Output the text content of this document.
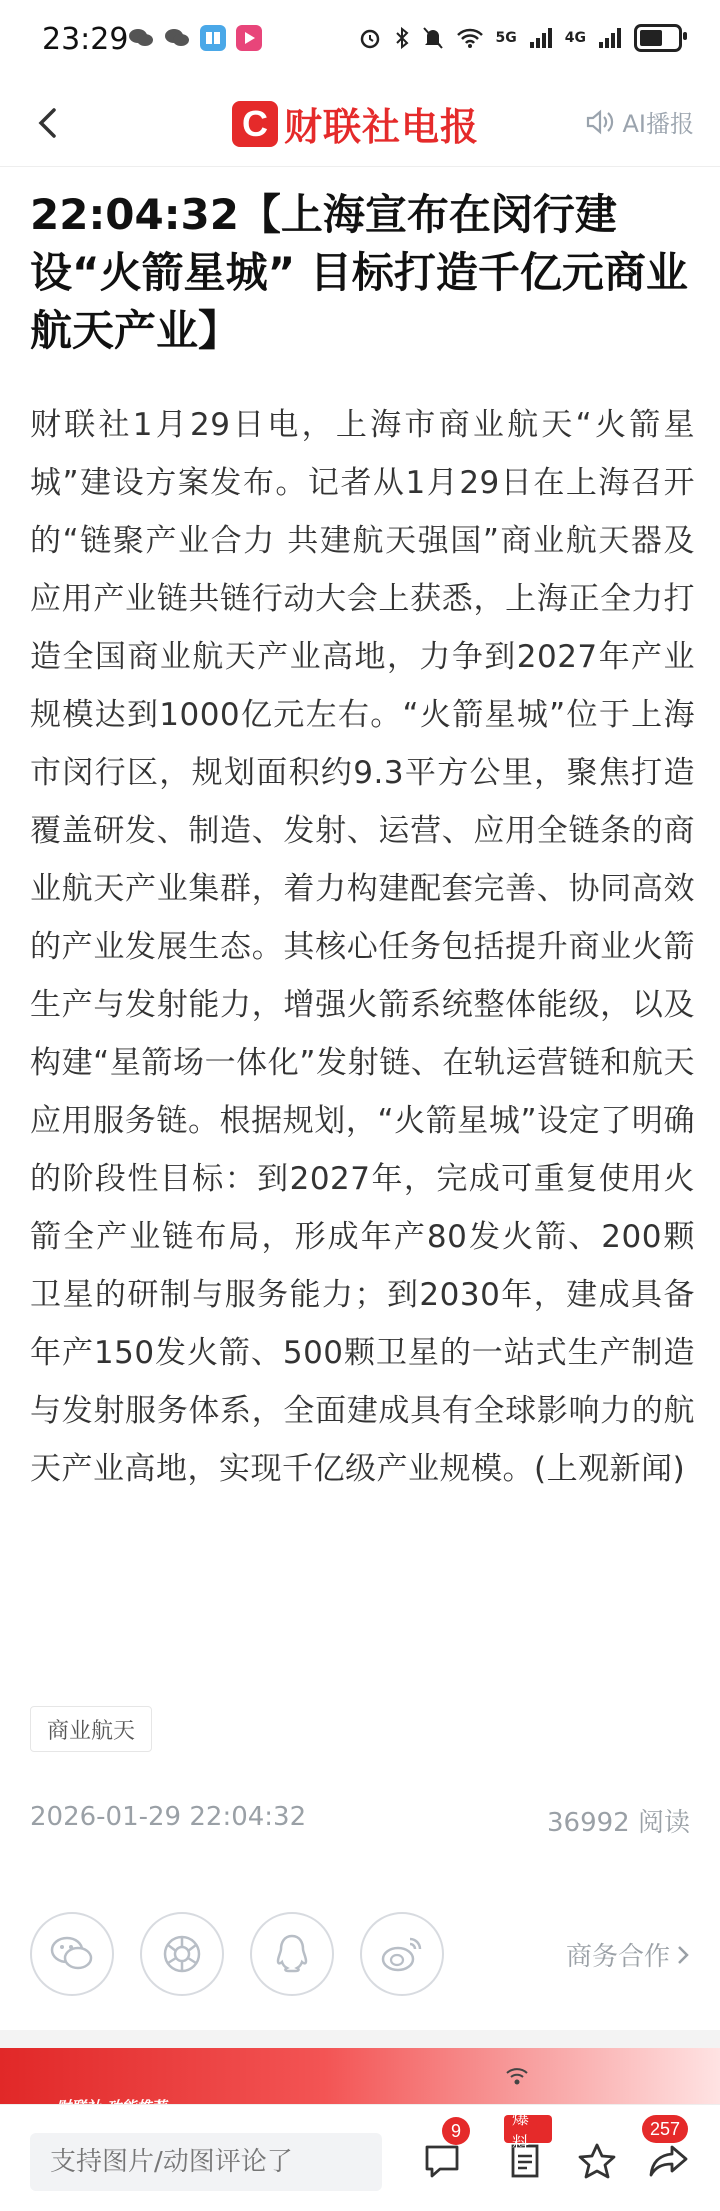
23:29	5G	4G
C 财联社电报	AI播报
22:04:32【上海宣布在闵行建设“火箭星城” 目标打造千亿元商业航天产业】
财联社1月29日电，上海市商业航天“火箭星城”建设方案发布。记者从1月29日在上海召开的“链聚产业合力 共建航天强国”商业航天器及应用产业链共链行动大会上获悉，上海正全力打造全国商业航天产业高地，力争到2027年产业规模达到1000亿元左右。“火箭星城”位于上海市闵行区，规划面积约9.3平方公里，聚焦打造覆盖研发、制造、发射、运营、应用全链条的商业航天产业集群，着力构建配套完善、协同高效的产业发展生态。其核心任务包括提升商业火箭生产与发射能力，增强火箭系统整体能级，以及构建“星箭场一体化”发射链、在轨运营链和航天应用服务链。根据规划，“火箭星城”设定了明确的阶段性目标：到2027年，完成可重复使用火箭全产业链布局，形成年产80发火箭、200颗卫星的研制与服务能力；到2030年，建成具备年产150发火箭、500颗卫星的一站式生产制造与发射服务体系，全面建成具有全球影响力的航天产业高地，实现千亿级产业规模。(上观新闻)
商业航天
2026-01-29 22:04:32	36992 阅读
商务合作
支持图片/动图评论了
9
爆料
257
